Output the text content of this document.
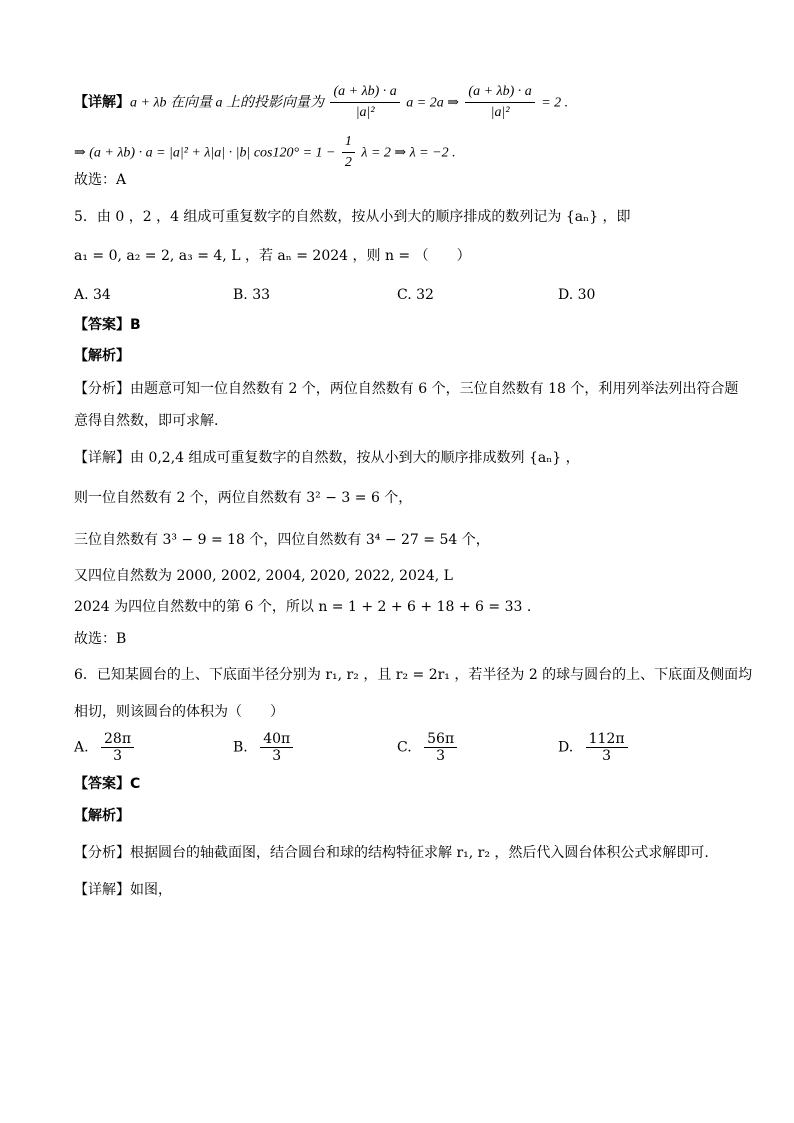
【详解】a + λb 在向量 a 上的投影向量为 $\frac{(a + \lambda b) \cdot a}{\text{|a|²}}$ a = 2a ⇒ $\frac{(a + \lambda b) \cdot a}{\text{|a|²}} = 2$ .
⇒ (a + λb) · a = |a|² + λ|a| · |b| $\cos 120^\circ = 1 - \frac{1}{2}$ λ = 2 ⇒ λ = −2 .
故选：A
5．由 0 ，2 ，4 组成可重复数字的自然数，按从小到大的顺序排成的数列记为 {aₙ} ，即
a₁ = 0, a₂ = 2, a₃ = 4, L ，若 aₙ = 2024 ，则 n = （　　）
A. 34	B. 33	C. 32	D. 30
【答案】B
【解析】
【分析】由题意可知一位自然数有 2 个，两位自然数有 6 个，三位自然数有 18 个，利用列举法列出符合题
意得自然数，即可求解.
【详解】由 0,2,4 组成可重复数字的自然数，按从小到大的顺序排成数列 {aₙ} ，
则一位自然数有 2 个，两位自然数有 3² − 3 = 6 个，
三位自然数有 3³ − 9 = 18 个，四位自然数有 3⁴ − 27 = 54 个，
又四位自然数为 2000, 2002, 2004, 2020, 2022, 2024, L
2024 为四位自然数中的第 6 个，所以 n = 1 + 2 + 6 + 18 + 6 = 33 .
故选：B
6．已知某圆台的上、下底面半径分别为 r₁, r₂ ，且 r₂ = 2r₁ ，若半径为 2 的球与圆台的上、下底面及侧面均
相切，则该圆台的体积为（　　）
A. $\frac{28\pi}{3}$	B. $\frac{40\pi}{3}$	C. $\frac{56\pi}{3}$	D. $\frac{112\pi}{3}$
【答案】C
【解析】
【分析】根据圆台的轴截面图，结合圆台和球的结构特征求解 r₁, r₂ ，然后代入圆台体积公式求解即可.
【详解】如图，
